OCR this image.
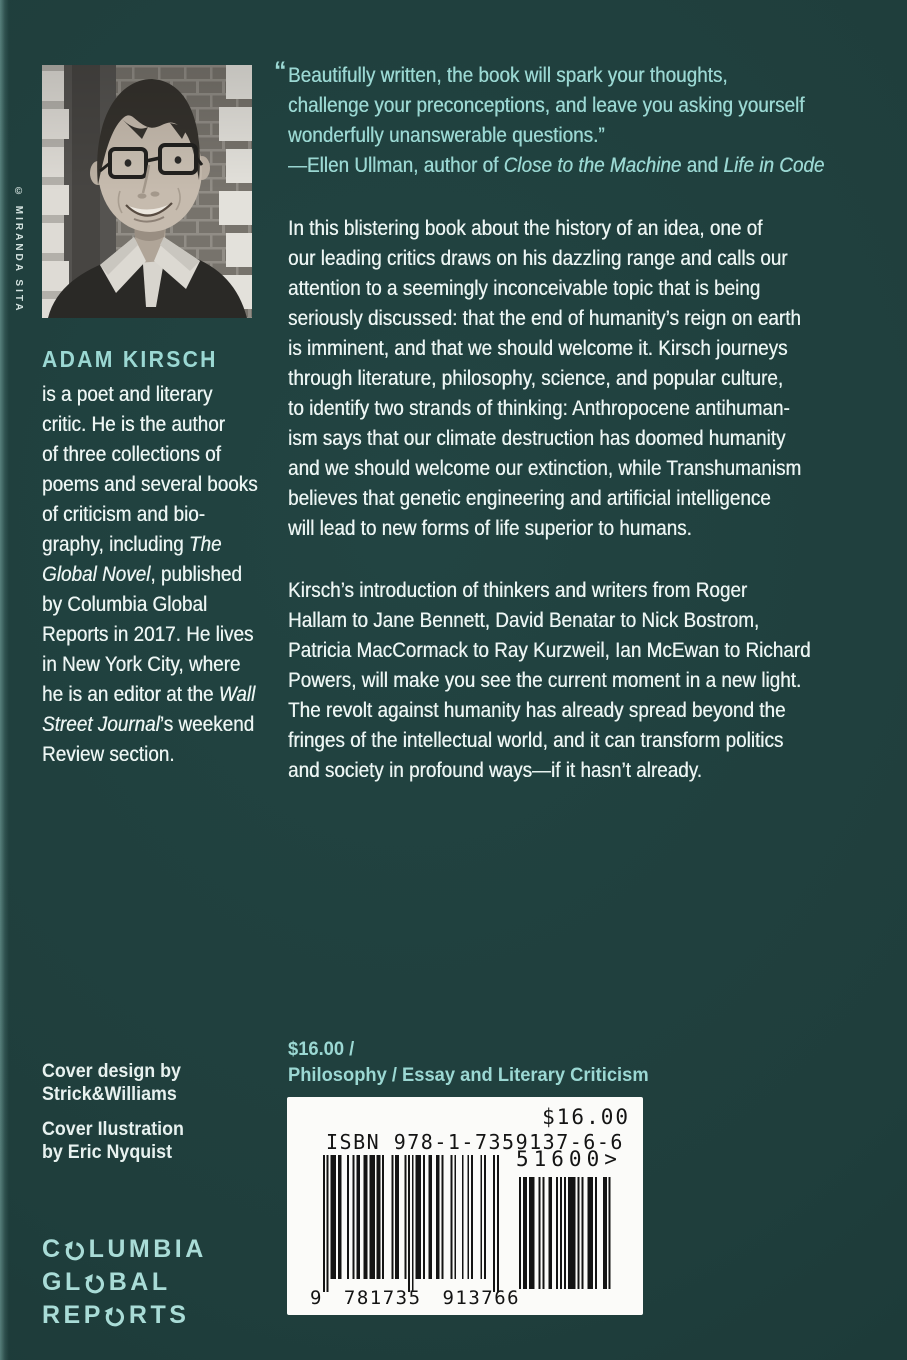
© MIRANDA SITA
ADAM KIRSCH
is a poet and literary
critic. He is the author
of three collections of
poems and several books
of criticism and bio-
graphy, including The
Global Novel, published
by Columbia Global
Reports in 2017. He lives
in New York City, where
he is an editor at the Wall
Street Journal’s weekend
Review section.
“ Beautifully written, the book will spark your thoughts,
challenge your preconceptions, and leave you asking yourself
wonderfully unanswerable questions.”
—Ellen Ullman, author of Close to the Machine and Life in Code
In this blistering book about the history of an idea, one of
our leading critics draws on his dazzling range and calls our
attention to a seemingly inconceivable topic that is being
seriously discussed: that the end of humanity’s reign on earth
is imminent, and that we should welcome it. Kirsch journeys
through literature, philosophy, science, and popular culture,
to identify two strands of thinking: Anthropocene antihuman-
ism says that our climate destruction has doomed humanity
and we should welcome our extinction, while Transhumanism
believes that genetic engineering and artificial intelligence
will lead to new forms of life superior to humans.
Kirsch’s introduction of thinkers and writers from Roger
Hallam to Jane Bennett, David Benatar to Nick Bostrom,
Patricia MacCormack to Ray Kurzweil, Ian McEwan to Richard
Powers, will make you see the current moment in a new light.
The revolt against humanity has already spread beyond the
fringes of the intellectual world, and it can transform politics
and society in profound ways—if it hasn’t already.
Cover design by
Strick&Williams
Cover Ilustration
by Eric Nyquist
$16.00 /
Philosophy / Essay and Literary Criticism
C LUMBIA
GL BAL
REP RTS
$16.00
ISBN 978-1-7359137-6-6
51600>
9 781735 913766
